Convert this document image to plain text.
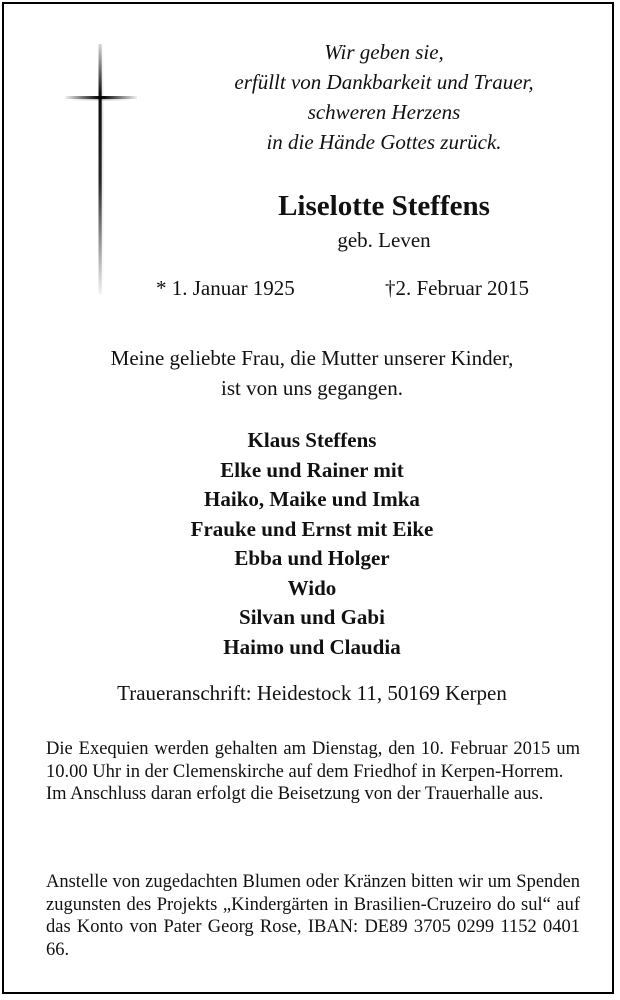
Wir geben sie,
erfüllt von Dankbarkeit und Trauer,
schweren Herzens
in die Hände Gottes zurück.
Liselotte Steffens
geb. Leven
* 1. Januar 1925	†2. Februar 2015
Meine geliebte Frau, die Mutter unserer Kinder,
ist von uns gegangen.
Klaus Steffens
Elke und Rainer mit
Haiko, Maike und Imka
Frauke und Ernst mit Eike
Ebba und Holger
Wido
Silvan und Gabi
Haimo und Claudia
Traueranschrift: Heidestock 11, 50169 Kerpen

Die Exequien werden gehalten am Dienstag, den 10. Februar 2015 um 10.00 Uhr in der Clemenskirche auf dem Friedhof in Kerpen-Horrem.

Im Anschluss daran erfolgt die Beisetzung von der Trauerhalle aus.

Anstelle von zugedachten Blumen oder Kränzen bitten wir um Spenden zugunsten des Projekts „Kindergärten in Brasilien-Cruzeiro do sul“ auf das Konto von Pater Georg Rose, IBAN: DE89 3705 0299 1152 0401 66.
